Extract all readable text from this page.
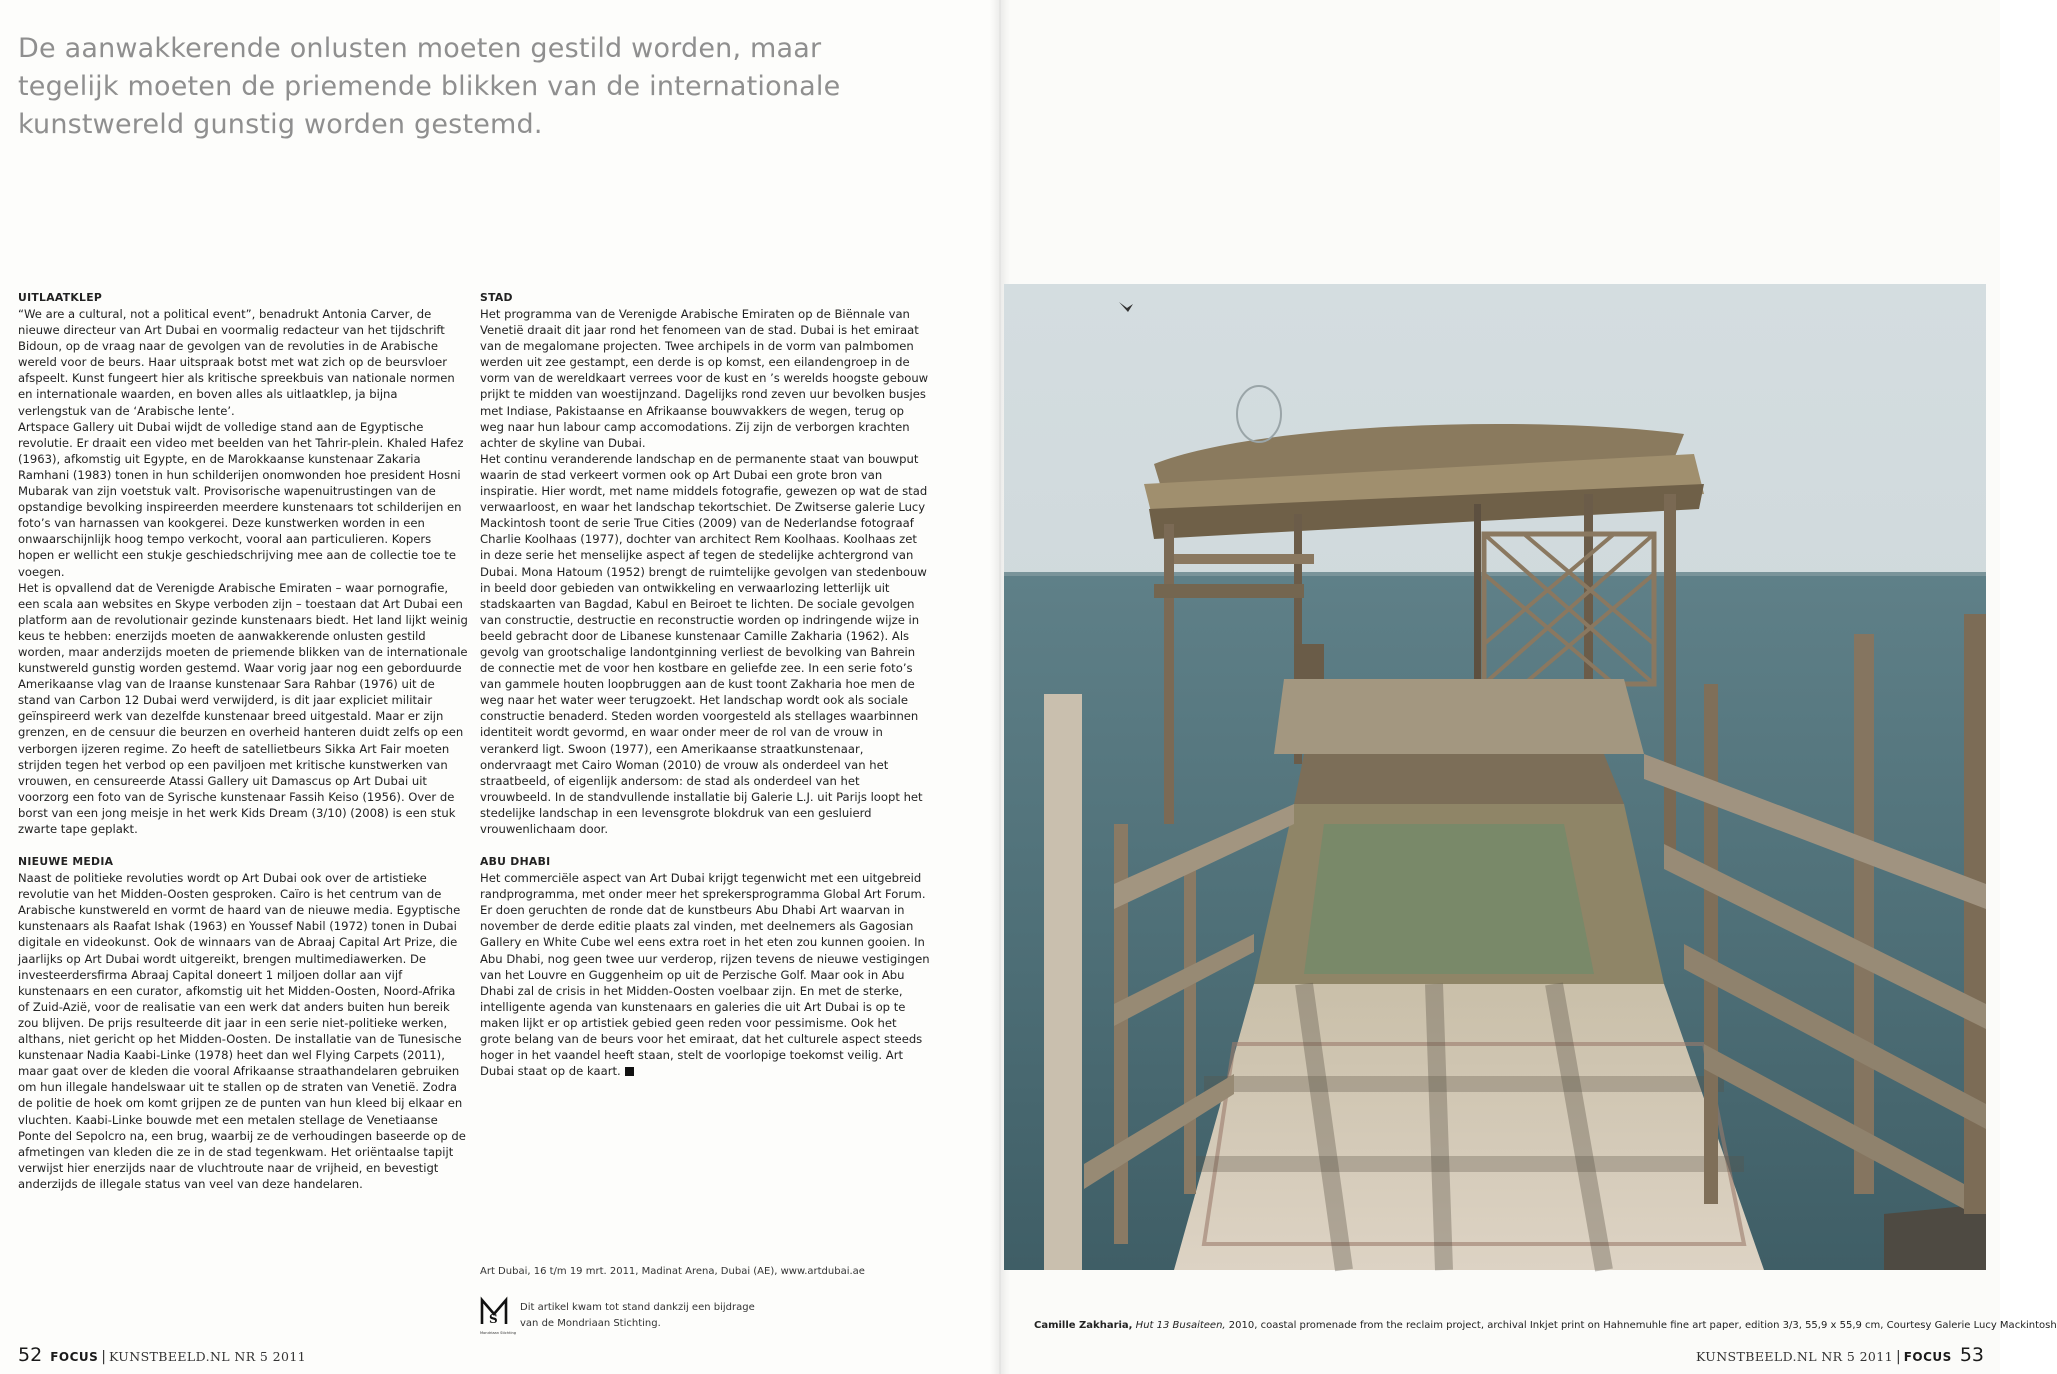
De aanwakkerende onlusten moeten gestild worden, maar tegelijk moeten de priemende blikken van de internationale kunstwereld gunstig worden gestemd.

UITLAATKLEP

“We are a cultural, not a political event”, benadrukt Antonia Carver, de nieuwe directeur van Art Dubai en voormalig redacteur van het tijdschrift Bidoun, op de vraag naar de gevolgen van de revoluties in de Arabische wereld voor de beurs. Haar uitspraak botst met wat zich op de beursvloer afspeelt. Kunst fungeert hier als kritische spreekbuis van nationale normen en internationale waarden, en boven alles als uitlaatklep, ja bijna verlengstuk van de ‘Arabische lente’.

Artspace Gallery uit Dubai wijdt de volledige stand aan de Egyptische revolutie. Er draait een video met beelden van het Tahrir-plein. Khaled Hafez (1963), afkomstig uit Egypte, en de Marokkaanse kunstenaar Zakaria Ramhani (1983) tonen in hun schilderijen onomwonden hoe president Hosni Mubarak van zijn voetstuk valt. Provisorische wapenuitrustingen van de opstandige bevolking inspireerden meerdere kunstenaars tot schilderijen en foto’s van harnassen van kookgerei. Deze kunstwerken worden in een onwaarschijnlijk hoog tempo verkocht, vooral aan particulieren. Kopers hopen er wellicht een stukje geschiedschrijving mee aan de collectie toe te voegen.

Het is opvallend dat de Verenigde Arabische Emiraten – waar pornografie, een scala aan websites en Skype verboden zijn – toestaan dat Art Dubai een platform aan de revolutionair gezinde kunstenaars biedt. Het land lijkt weinig keus te hebben: enerzijds moeten de aanwakkerende onlusten gestild worden, maar anderzijds moeten de priemende blikken van de internationale kunstwereld gunstig worden gestemd. Waar vorig jaar nog een geborduurde Amerikaanse vlag van de Iraanse kunstenaar Sara Rahbar (1976) uit de stand van Carbon 12 Dubai werd verwijderd, is dit jaar expliciet militair geïnspireerd werk van dezelfde kunstenaar breed uitgestald. Maar er zijn grenzen, en de censuur die beurzen en overheid hanteren duidt zelfs op een verborgen ijzeren regime. Zo heeft de satellietbeurs Sikka Art Fair moeten strijden tegen het verbod op een paviljoen met kritische kunstwerken van vrouwen, en censureerde Atassi Gallery uit Damascus op Art Dubai uit voorzorg een foto van de Syrische kunstenaar Fassih Keiso (1956). Over de borst van een jong meisje in het werk Kids Dream (3/10) (2008) is een stuk zwarte tape geplakt.

NIEUWE MEDIA

Naast de politieke revoluties wordt op Art Dubai ook over de artistieke revolutie van het Midden-Oosten gesproken. Caïro is het centrum van de Arabische kunstwereld en vormt de haard van de nieuwe media. Egyptische kunstenaars als Raafat Ishak (1963) en Youssef Nabil (1972) tonen in Dubai digitale en videokunst. Ook de winnaars van de Abraaj Capital Art Prize, die jaarlijks op Art Dubai wordt uitgereikt, brengen multimediawerken. De investeerdersfirma Abraaj Capital doneert 1 miljoen dollar aan vijf kunstenaars en een curator, afkomstig uit het Midden-Oosten, Noord-Afrika of Zuid-Azië, voor de realisatie van een werk dat anders buiten hun bereik zou blijven. De prijs resulteerde dit jaar in een serie niet-politieke werken, althans, niet gericht op het Midden-Oosten. De installatie van de Tunesische kunstenaar Nadia Kaabi-Linke (1978) heet dan wel Flying Carpets (2011), maar gaat over de kleden die vooral Afrikaanse straathandelaren gebruiken om hun illegale handelswaar uit te stallen op de straten van Venetië. Zodra de politie de hoek om komt grijpen ze de punten van hun kleed bij elkaar en vluchten. Kaabi-Linke bouwde met een metalen stellage de Venetiaanse Ponte del Sepolcro na, een brug, waarbij ze de verhoudingen baseerde op de afmetingen van kleden die ze in de stad tegenkwam. Het oriëntaalse tapijt verwijst hier enerzijds naar de vluchtroute naar de vrijheid, en bevestigt anderzijds de illegale status van veel van deze handelaren.

STAD

Het programma van de Verenigde Arabische Emiraten op de Biënnale van Venetië draait dit jaar rond het fenomeen van de stad. Dubai is het emiraat van de megalomane projecten. Twee archipels in de vorm van palmbomen werden uit zee gestampt, een derde is op komst, een eilandengroep in de vorm van de wereldkaart verrees voor de kust en ’s werelds hoogste gebouw prijkt te midden van woestijnzand. Dagelijks rond zeven uur bevolken busjes met Indiase, Pakistaanse en Afrikaanse bouwvakkers de wegen, terug op weg naar hun labour camp accomodations. Zij zijn de verborgen krachten achter de skyline van Dubai.

Het continu veranderende landschap en de permanente staat van bouwput waarin de stad verkeert vormen ook op Art Dubai een grote bron van inspiratie. Hier wordt, met name middels fotografie, gewezen op wat de stad verwaarloost, en waar het landschap tekortschiet. De Zwitserse galerie Lucy Mackintosh toont de serie True Cities (2009) van de Nederlandse fotograaf Charlie Koolhaas (1977), dochter van architect Rem Koolhaas. Koolhaas zet in deze serie het menselijke aspect af tegen de stedelijke achtergrond van Dubai. Mona Hatoum (1952) brengt de ruimtelijke gevolgen van stedenbouw in beeld door gebieden van ontwikkeling en verwaarlozing letterlijk uit stadskaarten van Bagdad, Kabul en Beiroet te lichten. De sociale gevolgen van constructie, destructie en reconstructie worden op indringende wijze in beeld gebracht door de Libanese kunstenaar Camille Zakharia (1962). Als gevolg van grootschalige landontginning verliest de bevolking van Bahrein de connectie met de voor hen kostbare en geliefde zee. In een serie foto’s van gammele houten loopbruggen aan de kust toont Zakharia hoe men de weg naar het water weer terugzoekt. Het landschap wordt ook als sociale constructie benaderd. Steden worden voorgesteld als stellages waarbinnen identiteit wordt gevormd, en waar onder meer de rol van de vrouw in verankerd ligt. Swoon (1977), een Amerikaanse straatkunstenaar, ondervraagt met Cairo Woman (2010) de vrouw als onderdeel van het straatbeeld, of eigenlijk andersom: de stad als onderdeel van het vrouwbeeld. In de standvullende installatie bij Galerie L.J. uit Parijs loopt het stedelijke landschap in een levensgrote blokdruk van een gesluierd vrouwenlichaam door.

ABU DHABI

Het commerciële aspect van Art Dubai krijgt tegenwicht met een uitgebreid randprogramma, met onder meer het sprekersprogramma Global Art Forum. Er doen geruchten de ronde dat de kunstbeurs Abu Dhabi Art waarvan in november de derde editie plaats zal vinden, met deelnemers als Gagosian Gallery en White Cube wel eens extra roet in het eten zou kunnen gooien. In Abu Dhabi, nog geen twee uur verderop, rijzen tevens de nieuwe vestigingen van het Louvre en Guggenheim op uit de Perzische Golf. Maar ook in Abu Dhabi zal de crisis in het Midden-Oosten voelbaar zijn. En met de sterke, intelligente agenda van kunstenaars en galeries die uit Art Dubai is op te maken lijkt er op artistiek gebied geen reden voor pessimisme. Ook het grote belang van de beurs voor het emiraat, dat het culturele aspect steeds hoger in het vaandel heeft staan, stelt de voorlopige toekomst veilig. Art Dubai staat op de kaart.

Art Dubai, 16 t/m 19 mrt. 2011, Madinat Arena, Dubai (AE), www.artdubai.ae
S
Mondriaan Stichting
Dit artikel kwam tot stand dankzij een bijdrage
van de Mondriaan Stichting.
52 FOCUS | KUNSTBEELD.NL NR 5 2011	KUNSTBEELD.NL NR 5 2011 | FOCUS 53
Camille Zakharia, Hut 13 Busaiteen, 2010, coastal promenade from the reclaim project, archival Inkjet print on Hahnemuhle fine art paper, edition 3/3, 55,9 x 55,9 cm, Courtesy Galerie Lucy Mackintosh
